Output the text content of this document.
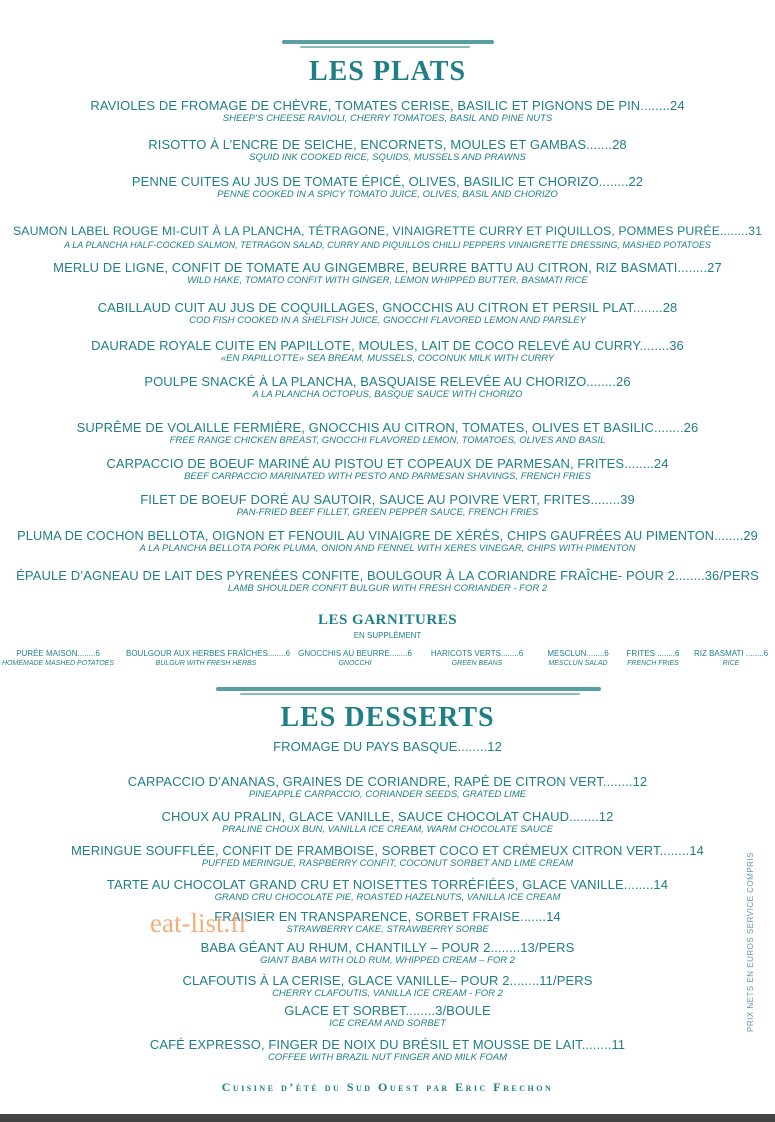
LES PLATS
RAVIOLES DE FROMAGE DE CHÈVRE, TOMATES CERISE, BASILIC ET PIGNONS DE PIN........24
SHEEP’S CHEESE RAVIOLI, CHERRY TOMATOES, BASIL AND PINE NUTS
RISOTTO À L’ENCRE DE SEICHE, ENCORNETS, MOULES ET GAMBAS.......28
SQUID INK COOKED RICE, SQUIDS, MUSSELS AND PRAWNS
PENNE CUITES AU JUS DE TOMATE ÉPICÉ, OLIVES, BASILIC ET CHORIZO........22
PENNE COOKED IN A SPICY TOMATO JUICE, OLIVES, BASIL AND CHORIZO
SAUMON LABEL ROUGE MI-CUIT À LA PLANCHA, TÉTRAGONE, VINAIGRETTE CURRY ET PIQUILLOS, POMMES PURÉE........31
A LA PLANCHA HALF-COCKED SALMON, TETRAGON SALAD, CURRY AND PIQUILLOS CHILLI PEPPERS VINAIGRETTE DRESSING, MASHED POTATOES
MERLU DE LIGNE, CONFIT DE TOMATE AU GINGEMBRE, BEURRE BATTU AU CITRON, RIZ BASMATI........27
WILD HAKE, TOMATO CONFIT WITH GINGER, LEMON WHIPPED BUTTER, BASMATI RICE
CABILLAUD CUIT AU JUS DE COQUILLAGES, GNOCCHIS AU CITRON ET PERSIL PLAT........28
COD FISH COOKED IN A SHELFISH JUICE, GNOCCHI FLAVORED LEMON AND PARSLEY
DAURADE ROYALE CUITE EN PAPILLOTE, MOULES, LAIT DE COCO RELEVÉ AU CURRY........36
«EN PAPILLOTTE» SEA BREAM, MUSSELS, COCONUK MILK WITH CURRY
POULPE SNACKÉ À LA PLANCHA, BASQUAISE RELEVÉE AU CHORIZO........26
A LA PLANCHA OCTOPUS, BASQUE SAUCE WITH CHORIZO
SUPRÊME DE VOLAILLE FERMIÈRE, GNOCCHIS AU CITRON, TOMATES, OLIVES ET BASILIC........26
FREE RANGE CHICKEN BREAST, GNOCCHI FLAVORED LEMON, TOMATOES, OLIVES AND BASIL
CARPACCIO DE BOEUF MARINÉ AU PISTOU ET COPEAUX DE PARMESAN, FRITES........24
BEEF CARPACCIO MARINATED WITH PESTO AND PARMESAN SHAVINGS, FRENCH FRIES
FILET DE BOEUF DORÉ AU SAUTOIR, SAUCE AU POIVRE VERT, FRITES........39
PAN-FRIED BEEF FILLET, GREEN PEPPER SAUCE, FRENCH FRIES
PLUMA DE COCHON BELLOTA, OIGNON ET FENOUIL AU VINAIGRE DE XÉRÈS, CHIPS GAUFRÉES AU PIMENTON........29
A LA PLANCHA BELLOTA PORK PLUMA, ONION AND FENNEL WITH XERES VINEGAR, CHIPS WITH PIMENTON
ÉPAULE D’AGNEAU DE LAIT DES PYRENÉES CONFITE, BOULGOUR À LA CORIANDRE FRAÎCHE- POUR 2........36/PERS
LAMB SHOULDER CONFIT BULGUR WITH FRESH CORIANDER - FOR 2
LES GARNITURES
EN SUPPLÉMENT
PURÉE MAISON........6
HOMEMADE MASHED POTATOES
BOULGOUR AUX HERBES FRAÎCHES........6
BULGUR WITH FRESH HERBS
GNOCCHIS AU BEURRE........6
GNOCCHI
HARICOTS VERTS........6
GREEN BEANS
MESCLUN........6
MESCLUN SALAD
FRITES ........6
FRENCH FRIES
RIZ BASMATI ........6
RICE
LES DESSERTS
FROMAGE DU PAYS BASQUE........12
CARPACCIO D’ANANAS, GRAINES DE CORIANDRE, RAPÉ DE CITRON VERT........12
PINEAPPLE CARPACCIO, CORIANDER SEEDS, GRATED LIME
CHOUX AU PRALIN, GLACE VANILLE, SAUCE CHOCOLAT CHAUD........12
PRALINE CHOUX BUN, VANILLA ICE CREAM, WARM CHOCOLATE SAUCE
MERINGUE SOUFFLÉE, CONFIT DE FRAMBOISE, SORBET COCO ET CRÉMEUX CITRON VERT........14
PUFFED MERINGUE, RASPBERRY CONFIT, COCONUT SORBET AND LIME CREAM
TARTE AU CHOCOLAT GRAND CRU ET NOISETTES TORRÉFIÉES, GLACE VANILLE........14
GRAND CRU CHOCOLATE PIE, ROASTED HAZELNUTS, VANILLA ICE CREAM
FRAISIER EN TRANSPARENCE, SORBET FRAISE.......14
STRAWBERRY CAKE, STRAWBERRY SORBE
BABA GÉANT AU RHUM, CHANTILLY – POUR 2........13/PERS
GIANT BABA WITH OLD RUM, WHIPPED CREAM – FOR 2
CLAFOUTIS À LA CERISE, GLACE VANILLE– POUR 2........11/PERS
CHERRY CLAFOUTIS, VANILLA ICE CREAM - FOR 2
GLACE ET SORBET........3/BOULE
ICE CREAM AND SORBET
CAFÉ EXPRESSO, FINGER DE NOIX DU BRÉSIL ET MOUSSE DE LAIT........11
COFFEE WITH BRAZIL NUT FINGER AND MILK FOAM
eat-list.fr	PRIX NETS EN EUROS SERVICE COMPRIS
Cuisine d’été du Sud Ouest par Eric Frechon
